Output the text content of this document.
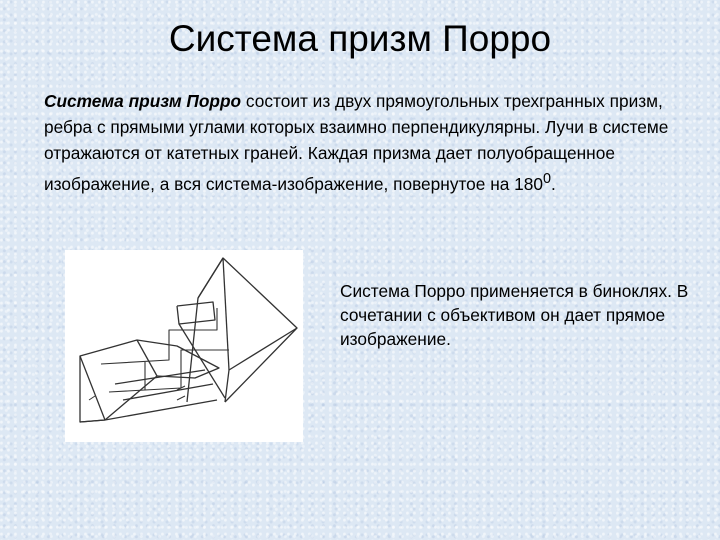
Система призм Порро

Система призм Порро состоит из двух прямоугольных трехгранных призм, ребра с прямыми углами которых взаимно перпендикулярны. Лучи в системе отражаются от катетных граней. Каждая призма дает полуобращенное изображение, а вся система-изображение, повернутое на $180^0$.

Система Порро применяется в биноклях. В сочетании с объективом он дает прямое изображение.
